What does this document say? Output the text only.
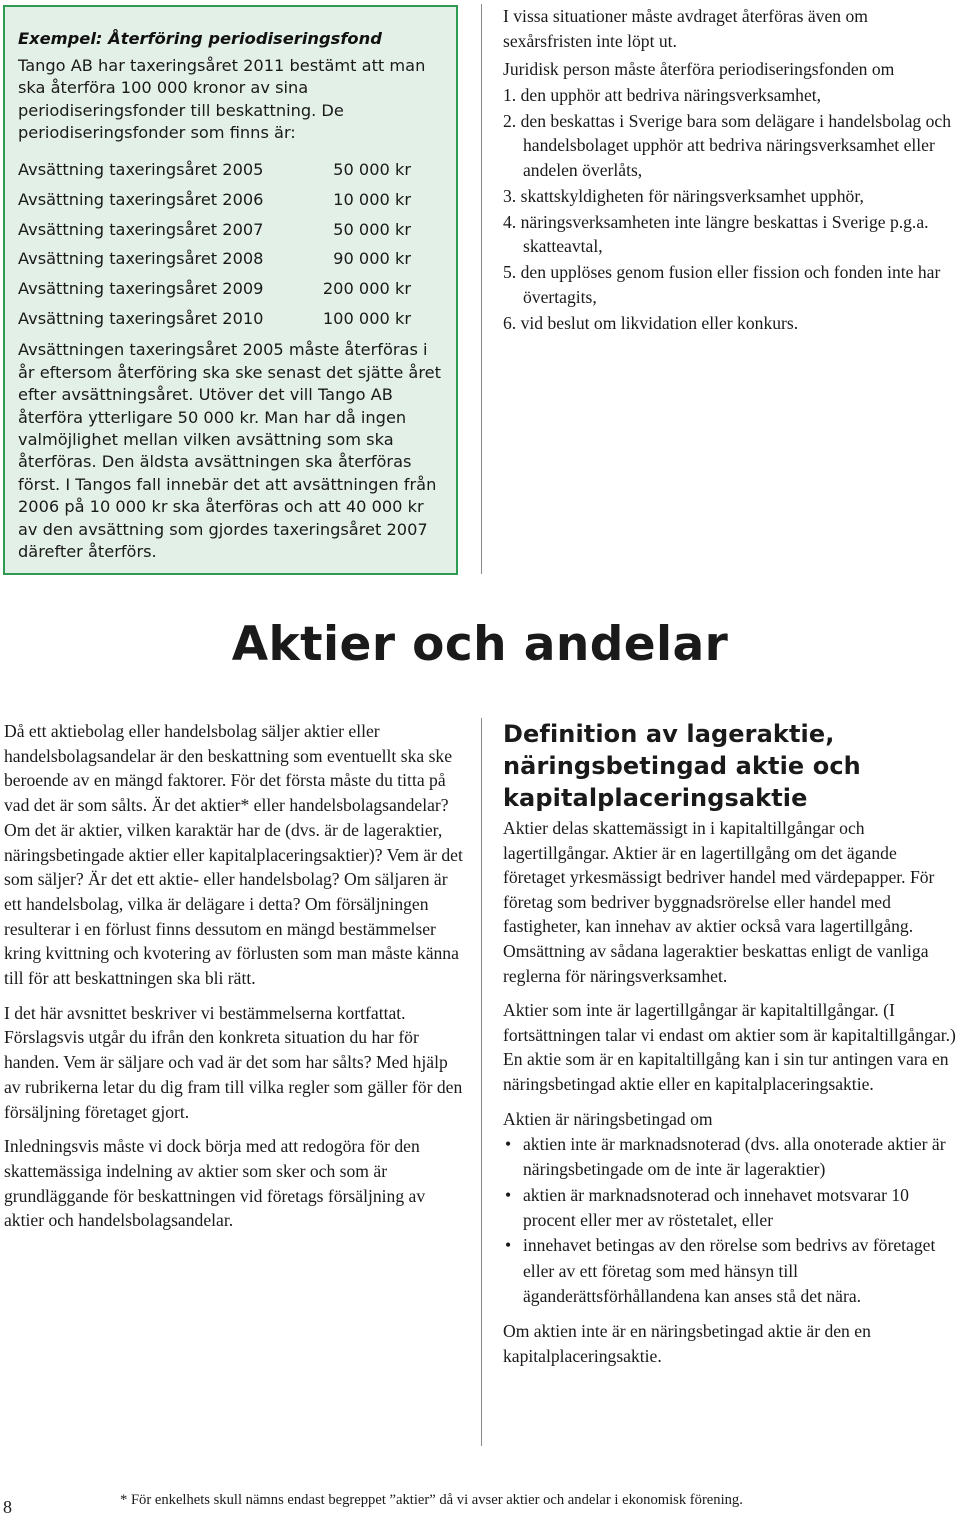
Exempel: Återföring periodiseringsfond

Tango AB har taxeringsåret 2011 bestämt att man ska återföra 100 000 kronor av sina periodiseringsfonder till beskattning. De periodiseringsfonder som finns är:

Avsättning taxeringsåret 2005	50 000 kr
Avsättning taxeringsåret 2006	10 000 kr
Avsättning taxeringsåret 2007	50 000 kr
Avsättning taxeringsåret 2008	90 000 kr
Avsättning taxeringsåret 2009	200 000 kr
Avsättning taxeringsåret 2010	100 000 kr

Avsättningen taxeringsåret 2005 måste återföras i år eftersom återföring ska ske senast det sjätte året efter avsättningsåret. Utöver det vill Tango AB återföra ytterligare 50 000 kr. Man har då ingen valmöjlighet mellan vilken avsättning som ska återföras. Den äldsta avsättningen ska återföras först. I Tangos fall innebär det att avsättningen från 2006 på 10 000 kr ska återföras och att 40 000 kr av den avsättning som gjordes taxeringsåret 2007 därefter återförs.

I vissa situationer måste avdraget återföras även om sexårsfristen inte löpt ut.

Juridisk person måste återföra periodiseringsfonden om

1. den upphör att bedriva näringsverksamhet,
2. den beskattas i Sverige bara som delägare i handelsbolag och handelsbolaget upphör att bedriva näringsverksamhet eller andelen överlåts,
3. skattskyldigheten för näringsverksamhet upphör,
4. näringsverksamheten inte längre beskattas i Sverige p.g.a. skatteavtal,
5. den upplöses genom fusion eller fission och fonden inte har övertagits,
6. vid beslut om likvidation eller konkurs.
Aktier och andelar

Då ett aktiebolag eller handelsbolag säljer aktier eller handelsbolagsandelar är den beskattning som eventuellt ska ske beroende av en mängd faktorer. För det första måste du titta på vad det är som sålts. Är det aktier* eller handelsbolagsandelar? Om det är aktier, vilken karaktär har de (dvs. är de lageraktier, näringsbetingade aktier eller kapitalplaceringsaktier)? Vem är det som säljer? Är det ett aktie- eller handelsbolag? Om säljaren är ett handelsbolag, vilka är delägare i detta? Om försäljningen resulterar i en förlust finns dessutom en mängd bestämmelser kring kvittning och kvotering av förlusten som man måste känna till för att beskattningen ska bli rätt.

I det här avsnittet beskriver vi bestämmelserna kortfattat. Förslagsvis utgår du ifrån den konkreta situation du har för handen. Vem är säljare och vad är det som har sålts? Med hjälp av rubrikerna letar du dig fram till vilka regler som gäller för den försäljning företaget gjort.

Inledningsvis måste vi dock börja med att redogöra för den skattemässiga indelning av aktier som sker och som är grundläggande för beskattningen vid företags försäljning av aktier och handelsbolagsandelar.

Definition av lageraktie, näringsbetingad aktie och kapitalplaceringsaktie

Aktier delas skattemässigt in i kapitaltillgångar och lagertillgångar. Aktier är en lagertillgång om det ägande företaget yrkesmässigt bedriver handel med värdepapper. För företag som bedriver byggnadsrörelse eller handel med fastigheter, kan innehav av aktier också vara lagertillgång. Omsättning av sådana lageraktier beskattas enligt de vanliga reglerna för näringsverksamhet.

Aktier som inte är lagertillgångar är kapitaltillgångar. (I fortsättningen talar vi endast om aktier som är kapitaltillgångar.) En aktie som är en kapitaltillgång kan i sin tur antingen vara en näringsbetingad aktie eller en kapitalplaceringsaktie.

Aktien är näringsbetingad om

• aktien inte är marknadsnoterad (dvs. alla onoterade aktier är näringsbetingade om de inte är lageraktier)
• aktien är marknadsnoterad och innehavet motsvarar 10 procent eller mer av röstetalet, eller
• innehavet betingas av den rörelse som bedrivs av företaget eller av ett företag som med hänsyn till äganderättsförhållandena kan anses stå det nära.

Om aktien inte är en näringsbetingad aktie är den en kapitalplaceringsaktie.

8	* För enkelhets skull nämns endast begreppet ”aktier” då vi avser aktier och andelar i ekonomisk förening.
